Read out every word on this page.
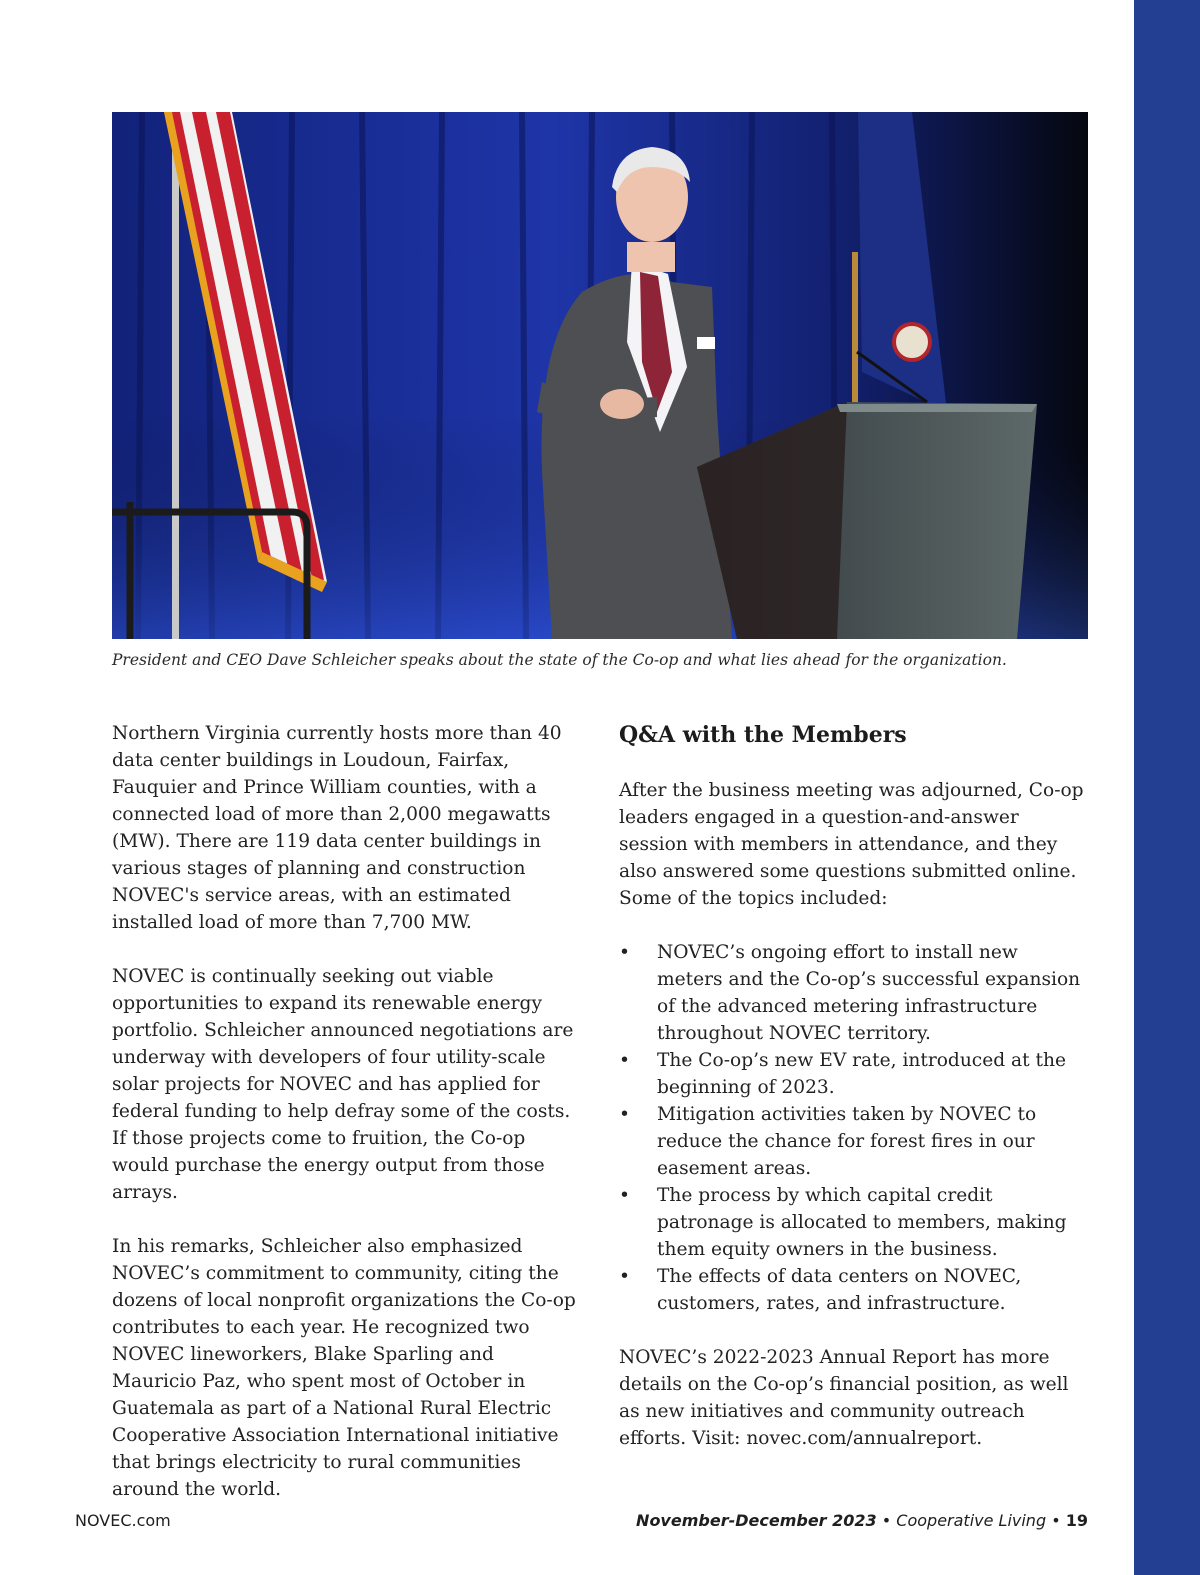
President and CEO Dave Schleicher speaks about the state of the Co-op and what lies ahead for the organization.

Northern Virginia currently hosts more than 40 data center buildings in Loudoun, Fairfax, Fauquier and Prince William counties, with a connected load of more than 2,000 megawatts (MW). There are 119 data center buildings in various stages of planning and construction NOVEC's service areas, with an estimated installed load of more than 7,700 MW.

NOVEC is continually seeking out viable opportunities to expand its renewable energy portfolio. Schleicher announced negotiations are underway with developers of four utility-scale solar projects for NOVEC and has applied for federal funding to help defray some of the costs. If those projects come to fruition, the Co-op would purchase the energy output from those arrays.

In his remarks, Schleicher also emphasized NOVEC’s commitment to community, citing the dozens of local nonprofit organizations the Co-op contributes to each year. He recognized two NOVEC lineworkers, Blake Sparling and Mauricio Paz, who spent most of October in Guatemala as part of a National Rural Electric Cooperative Association International initiative that brings electricity to rural communities around the world.

Q&A with the Members

After the business meeting was adjourned, Co-op leaders engaged in a question-and-answer session with members in attendance, and they also answered some questions submitted online. Some of the topics included:

• NOVEC’s ongoing effort to install new meters and the Co-op’s successful expansion of the advanced metering infrastructure throughout NOVEC territory.
• The Co-op’s new EV rate, introduced at the beginning of 2023.
• Mitigation activities taken by NOVEC to reduce the chance for forest fires in our easement areas.
• The process by which capital credit patronage is allocated to members, making them equity owners in the business.
• The effects of data centers on NOVEC, customers, rates, and infrastructure.

NOVEC’s 2022-2023 Annual Report has more details on the Co-op’s financial position, as well as new initiatives and community outreach efforts. Visit: novec.com/annualreport.

NOVEC.com	November-December 2023 • Cooperative Living • 19
